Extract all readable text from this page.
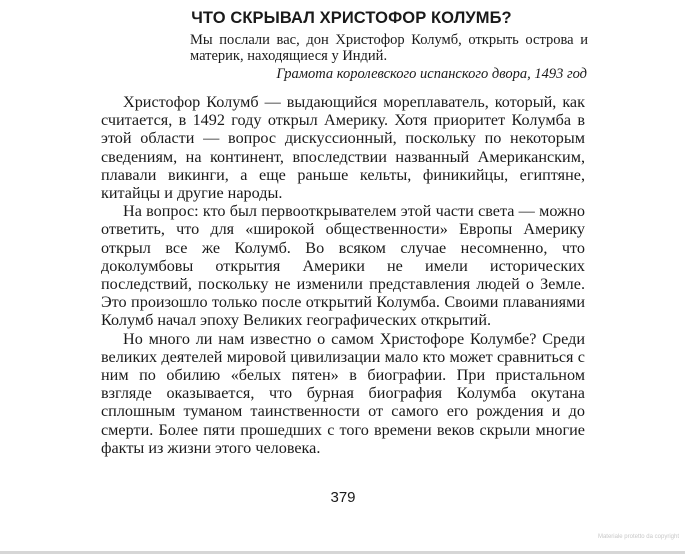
ЧТО СКРЫВАЛ ХРИСТОФОР КОЛУМБ?
Мы послали вас, дон Христофор Колумб, открыть острова и материк, находящиеся у Индий.
Грамота королевского испанского двора, 1493 год

Христофор Колумб — выдающийся мореплаватель, который, как считается, в 1492 году открыл Америку. Хотя приоритет Колумба в этой области — вопрос дискуссионный, поскольку по некоторым сведениям, на континент, впоследствии названный Американским, плавали викинги, а еще раньше кельты, финикийцы, египтяне, китайцы и другие народы.

На вопрос: кто был первооткрывателем этой части света — можно ответить, что для «широкой общественности» Европы Америку открыл все же Колумб. Во всяком случае несомненно, что доколумбовы открытия Америки не имели исторических последствий, поскольку не изменили представления людей о Земле. Это произошло только после открытий Колумба. Своими плаваниями Колумб начал эпоху Великих географических открытий.

Но много ли нам известно о самом Христофоре Колумбе? Среди великих деятелей мировой цивилизации мало кто может сравниться с ним по обилию «белых пятен» в биографии. При пристальном взгляде оказывается, что бурная биография Колумба окутана сплошным туманом таинственности от самого его рождения и до смерти. Более пяти прошедших с того времени веков скрыли многие факты из жизни этого человека.

379
Materiale protetto da copyright
